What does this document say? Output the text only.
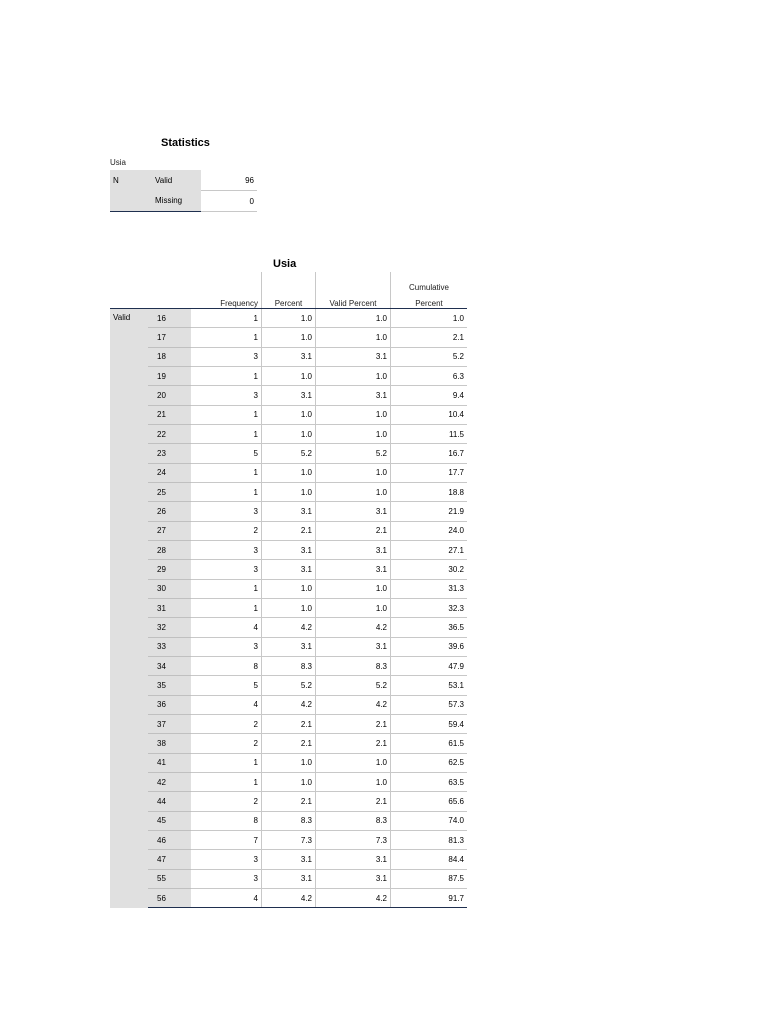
Statistics
Usia
N	Valid	96
	Missing	0
Usia
					Cumulative
		Frequency	Percent	Valid Percent	Percent
Valid	16	1	1.0	1.0	1.0
	17	1	1.0	1.0	2.1
	18	3	3.1	3.1	5.2
	19	1	1.0	1.0	6.3
	20	3	3.1	3.1	9.4
	21	1	1.0	1.0	10.4
	22	1	1.0	1.0	11.5
	23	5	5.2	5.2	16.7
	24	1	1.0	1.0	17.7
	25	1	1.0	1.0	18.8
	26	3	3.1	3.1	21.9
	27	2	2.1	2.1	24.0
	28	3	3.1	3.1	27.1
	29	3	3.1	3.1	30.2
	30	1	1.0	1.0	31.3
	31	1	1.0	1.0	32.3
	32	4	4.2	4.2	36.5
	33	3	3.1	3.1	39.6
	34	8	8.3	8.3	47.9
	35	5	5.2	5.2	53.1
	36	4	4.2	4.2	57.3
	37	2	2.1	2.1	59.4
	38	2	2.1	2.1	61.5
	41	1	1.0	1.0	62.5
	42	1	1.0	1.0	63.5
	44	2	2.1	2.1	65.6
	45	8	8.3	8.3	74.0
	46	7	7.3	7.3	81.3
	47	3	3.1	3.1	84.4
	55	3	3.1	3.1	87.5
	56	4	4.2	4.2	91.7
